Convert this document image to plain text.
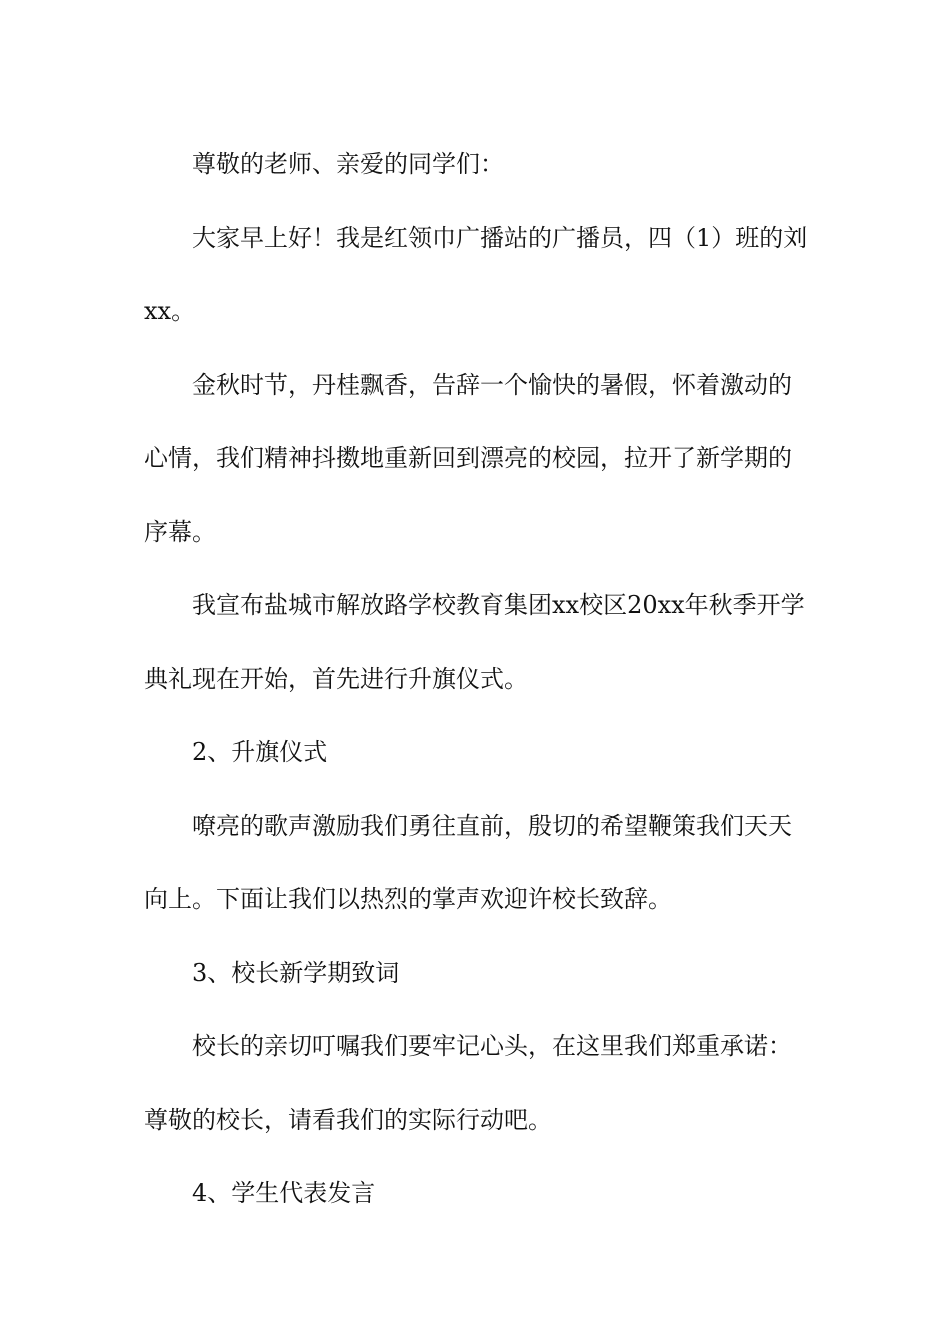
尊敬的老师、亲爱的同学们：

大家早上好！我是红领巾广播站的广播员，四（1）班的刘xx。

金秋时节，丹桂飘香，告辞一个愉快的暑假，怀着激动的心情，我们精神抖擞地重新回到漂亮的校园，拉开了新学期的序幕。

我宣布盐城市解放路学校教育集团xx校区20xx年秋季开学典礼现在开始，首先进行升旗仪式。

2、升旗仪式

嘹亮的歌声激励我们勇往直前，殷切的希望鞭策我们天天向上。下面让我们以热烈的掌声欢迎许校长致辞。

3、校长新学期致词

校长的亲切叮嘱我们要牢记心头，在这里我们郑重承诺：尊敬的校长，请看我们的实际行动吧。

4、学生代表发言
